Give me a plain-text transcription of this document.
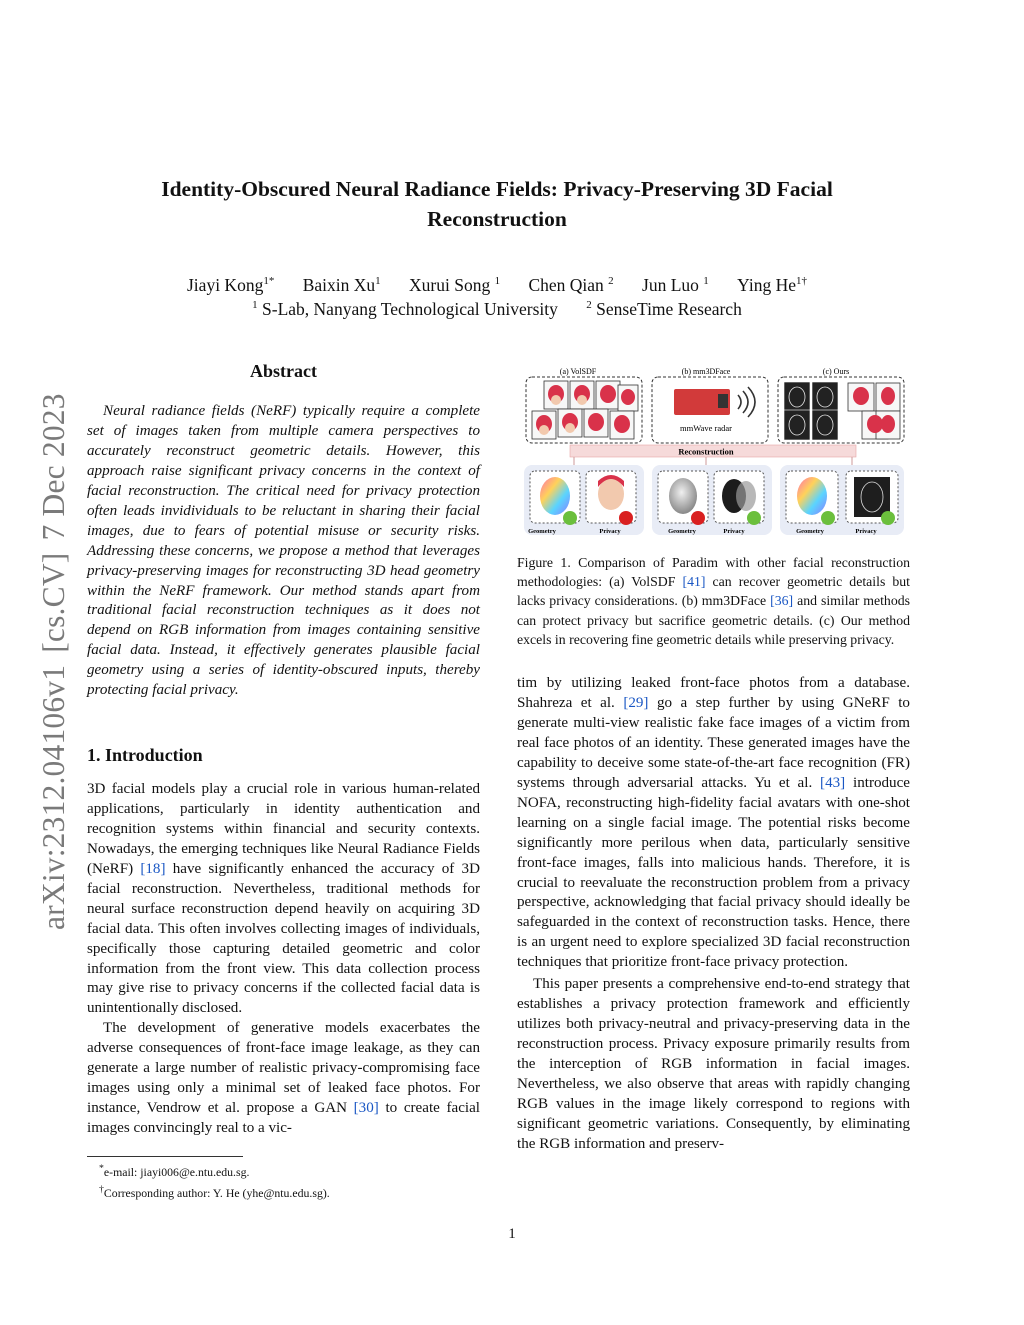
Identity-Obscured Neural Radiance Fields: Privacy-Preserving 3D Facial Reconstruction
Jiayi Kong$^{1*}$ Baixin Xu$^1$ Xurui Song $^1$ Chen Qian $^2$ Jun Luo $^1$ Ying $He^{1\dagger}$
$^1$ S-Lab, Nanyang Technological University	$^2$ SenseTime Research
arXiv:2312.04106v1[cs.CV]7 Dec 2023
Abstract

Neural radiance fields (NeRF) typically require a complete set of images taken from multiple camera perspectives to accurately reconstruct geometric details. However, this approach raise significant privacy concerns in the context of facial reconstruction. The critical need for privacy protection often leads invidividuals to be reluctant in sharing their facial images, due to fears of potential misuse or security risks. Addressing these concerns, we propose a method that leverages privacy-preserving images for reconstructing 3D head geometry within the NeRF framework. Our method stands apart from traditional facial reconstruction techniques as it does not depend on RGB information from images containing sensitive facial data. Instead, it effectively generates plausible facial geometry using a series of identity-obscured inputs, thereby protecting facial privacy.

1. Introduction

3D facial models play a crucial role in various human-related applications, particularly in identity authentication and recognition systems within financial and security contexts. Nowadays, the emerging techniques like Neural Radiance Fields (NeRF) [18] have significantly enhanced the accuracy of 3D facial reconstruction. Nevertheless, traditional methods for neural surface reconstruction depend heavily on acquiring 3D facial data. This often involves collecting images of individuals, specifically those capturing detailed geometric and color information from the front view. This data collection process may give rise to privacy concerns if the collected facial data is unintentionally disclosed.

The development of generative models exacerbates the adverse consequences of front-face image leakage, as they can generate a large number of realistic privacy-compromising face images using only a minimal set of leaked face photos. For instance, Vendrow et al. propose a GAN [30] to create facial images convincingly real to a vic-

*e-mail: jiayi006@e.ntu.edu.sg.
†Corresponding author: Y. He (yhe@ntu.edu.sg).
(a) VolSDF	(b) mm3DFace	(c) Ours
mmWave radar
Reconstruction
Geometry	Privacy	Geometry	Privacy	Geometry	Privacy
Figure 1. Comparison of Paradim with other facial reconstruction methodologies: (a) VolSDF [41] can recover geometric details but lacks privacy considerations. (b) mm3DFace [36] and similar methods can protect privacy but sacrifice geometric details. (c) Our method excels in recovering fine geometric details while preserving privacy.

tim by utilizing leaked front-face photos from a database. Shahreza et al. [29] go a step further by using GNeRF to generate multi-view realistic fake face images of a victim from real face photos of an identity. These generated images have the capability to deceive some state-of-the-art face recognition (FR) systems through adversarial attacks. Yu et al. [43] introduce NOFA, reconstructing high-fidelity facial avatars with one-shot learning on a single facial image. The potential risks become significantly more perilous when data, particularly sensitive front-face images, falls into malicious hands. Therefore, it is crucial to reevaluate the reconstruction problem from a privacy perspective, acknowledging that facial privacy should ideally be safeguarded in the context of reconstruction tasks. Hence, there is an urgent need to explore specialized 3D facial reconstruction techniques that prioritize front-face privacy protection.

This paper presents a comprehensive end-to-end strategy that establishes a privacy protection framework and efficiently utilizes both privacy-neutral and privacy-preserving data in the reconstruction process. Privacy exposure primarily results from the interception of RGB information in facial images. Nevertheless, we also observe that areas with rapidly changing RGB values in the image likely correspond to regions with significant geometric variations. Consequently, by eliminating the RGB information and preserv-

1
